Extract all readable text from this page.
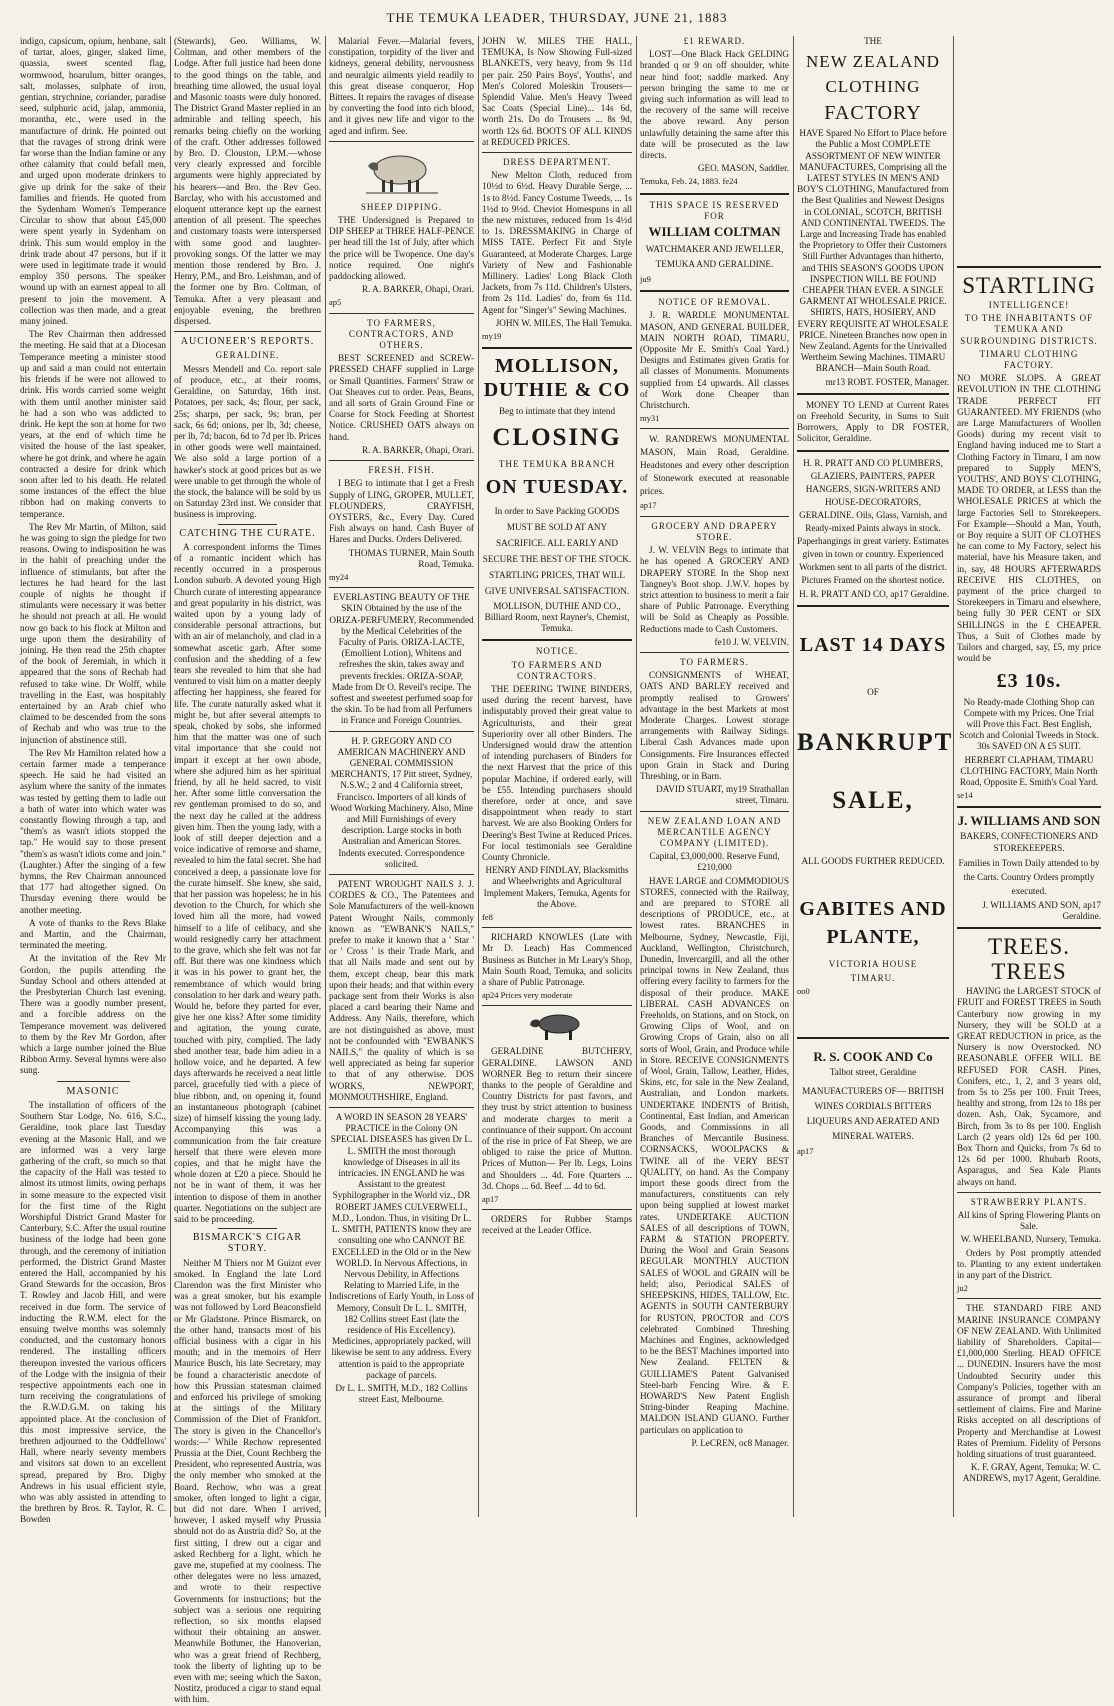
THE TEMUKA LEADER, THURSDAY, JUNE 21, 1883

indigo, capsicum, opium, henbane, salt of tartar, aloes, ginger, slaked lime, quassia, sweet scented flag, wormwood, hoarulum, bitter oranges, salt, molasses, sulphate of iron, gentian, strychnine, coriander, paradise seed, sulphuric acid, jalap, ammonia, morantha, etc., were used in the manufacture of drink. He pointed out that the ravages of strong drink were far worse than the Indian famine or any other calamity that could befall men, and urged upon moderate drinkers to give up drink for the sake of their families and friends. He quoted from the Sydenham Women's Temperance Circular to show that about £45,000 were spent yearly in Sydenham on drink. This sum would employ in the drink trade about 47 persons, but if it were used in legitimate trade it would employ 350 persons. The speaker wound up with an earnest appeal to all present to join the movement. A collection was then made, and a great many joined.

The Rev Chairman then addressed the meeting. He said that at a Diocesan Temperance meeting a minister stood up and said a man could not entertain his friends if he were not allowed to drink. His words carried some weight with them until another minister said he had a son who was addicted to drink. He kept the son at home for two years, at the end of which time he visited the house of the last speaker, where he got drink, and where he again contracted a desire for drink which soon after led to his death. He related some instances of the effect the blue ribbon had on making converts to temperance.

The Rev Mr Martin, of Milton, said he was going to sign the pledge for two reasons. Owing to indisposition he was in the habit of preaching under the influence of stimulants, but after the lectures he had heard for the last couple of nights he thought if stimulants were necessary it was better he should not preach at all. He would now go back to his flock at Milton and urge upon them the desirability of joining. He then read the 25th chapter of the book of Jeremiah, in which it appeared that the sons of Rechab had refused to take wine. Dr Wolff, while travelling in the East, was hospitably entertained by an Arab chief who claimed to be descended from the sons of Rechab and who was true to the injunction of abstinence still.

The Rev Mr Hamilton related how a certain farmer made a temperance speech. He said he had visited an asylum where the sanity of the inmates was tested by getting them to ladle out a bath of water into which water was constantly flowing through a tap, and "them's as wasn't idiots stopped the tap." He would say to those present "them's as wasn't idiots come and join." (Laughter.) After the singing of a few hymns, the Rev Chairman announced that 177 had altogether signed. On Thursday evening there would be another meeting.

A vote of thanks to the Revs Blake and Martin, and the Chairman, terminated the meeting.

At the invitation of the Rev Mr Gordon, the pupils attending the Sunday School and others attended at the Presbyterian Church last evening. There was a goodly number present, and a forcible address on the Temperance movement was delivered to them by the Rev Mr Gordon, after which a large number joined the Blue Ribbon Army. Several hymns were also sung.

MASONIC

The installation of officers of the Southern Star Lodge, No. 616, S.C., Geraldine, took place last Tuesday evening at the Masonic Hall, and we are informed was a very large gathering of the craft, so much so that the capacity of the Hall was tested to almost its utmost limits, owing perhaps in some measure to the expected visit for the first time of the Right Worshipful District Grand Master for Canterbury, S.C. After the usual routine business of the lodge had been gone through, and the ceremony of initiation performed, the District Grand Master entered the Hall, accompanied by his Grand Stewards for the occasion, Bros T. Rowley and Jacob Hill, and were received in due form. The service of inducting the R.W.M. elect for the ensuing twelve months was solemnly conducted, and the customary honors rendered. The installing officers thereupon invested the various officers of the Lodge with the insignia of their respective appointments each one in turn receiving the congratulations of the R.W.D.G.M. on taking his appointed place. At the conclusion of this most impressive service, the brethren adjourned to the Oddfellows' Hall, where nearly seventy members and visitors sat down to an excellent spread, prepared by Bro. Digby Andrews in his usual efficient style, who was ably assisted in attending to the brethren by Bros. R. Taylor, R. C. Bowden

(Stewards), Geo. Williams, W. Coltman, and other members of the Lodge. After full justice had been done to the good things on the table, and breathing time allowed, the usual loyal and Masonic toasts were duly honored. The District Grand Master replied in an admirable and telling speech, his remarks being chiefly on the working of the craft. Other addresses followed by Bro. D. Clouston, I.P.M.—whose very clearly expressed and forcible arguments were highly appreciated by his hearers—and Bro. the Rev Geo. Barclay, who with his accustomed and eloquent utterance kept up the earnest attention of all present. The speeches and customary toasts were interspersed with some good and laughter-provoking songs. Of the latter we may mention those rendered by Bro. J. Henry, P.M., and Bro. Leishman, and of the former one by Bro. Coltman, of Temuka. After a very pleasant and enjoyable evening, the brethren dispersed.

AUCIONEER'S REPORTS.

GERALDINE.

Messrs Mendell and Co. report sale of produce, etc., at their rooms, Geraldine, on Saturday, 16th inst. Potatoes, per sack, 4s; flour, per sack, 25s; sharps, per sack, 9s; bran, per sack, 6s 6d; onions, per lb, 3d; cheese, per lb, 7d; bacon, 6d to 7d per lb. Prices in other goods were well maintained. We also sold a large portion of a hawker's stock at good prices but as we were unable to get through the whole of the stock, the balance will be sold by us on Saturday 23rd inst. We consider that business is improving.

CATCHING THE CURATE.

A correspondent informs the Times of a romantic incident which has recently occurred in a prosperous London suburb. A devoted young High Church curate of interesting appearance and great popularity in his district, was waited upon by a young lady of considerable personal attractions, but with an air of melancholy, and clad in a somewhat ascetic garb. After some confusion and the shedding of a few tears she revealed to him that she had ventured to visit him on a matter deeply affecting her happiness, she feared for life. The curate naturally asked what it might be, but after several attempts to speak, choked by sobs, she informed him that the matter was one of such vital importance that she could not impart it except at her own abode, where she adjured him as her spiritual friend, by all he held sacred, to visit her. After some little conversation the rev gentleman promised to do so, and the next day he called at the address given him. Then the young lady, with a look of still deeper dejection and a voice indicative of remorse and shame, revealed to him the fatal secret. She had conceived a deep, a passionate love for the curate himself. She knew, she said, that her passion was hopeless; he in his devotion to the Church, for which she loved him all the more, had vowed himself to a life of celibacy, and she would resignedly carry her attachment to the grave, which she felt was not far off. But there was one kindness which it was in his power to grant her, the remembrance of which would bring consolation to her dark and weary path. Would he, before they parted for ever, give her one kiss? After some timidity and agitation, the young curate, touched with pity, complied. The lady shed another tear, bade him adieu in a hollow voice, and he departed. A few days afterwards he received a neat little parcel, gracefully tied with a piece of blue ribbon, and, on opening it, found an instantaneous photograph (cabinet size) of himself kissing the young lady. Accompanying this was a communication from the fair creature herself that there were eleven more copies, and that he might have the whole dozen at £20 a piece. Should he not be in want of them, it was her intention to dispose of them in another quarter. Negotiations on the subject are said to be proceeding.

BISMARCK'S CIGAR STORY.

Neither M Thiers nor M Guizot ever smoked. In England the late Lord Clarendon was the first Minister who was a great smoker, but his example was not followed by Lord Beaconsfield or Mr Gladstone. Prince Bismarck, on the other hand, transacts most of his official business with a cigar in his mouth; and in the memoirs of Herr Maurice Busch, his late Secretary, may be found a characteristic anecdote of how this Prussian statesman claimed and enforced his privilege of smoking at the sittings of the Military Commission of the Diet of Frankfort. The story is given in the Chancellor's words:—' While Rechow represented Prussia at the Diet, Count Rechberg the President, who represented Austria, was the only member who smoked at the Board. Rechow, who was a great smoker, often longed to light a cigar, but did not dare. When I arrived, however, I asked myself why Prussia should not do as Austria did? So, at the first sitting, I drew out a cigar and asked Rechberg for a light, which he gave me, stupefied at my coolness. The other delegates were no less amazed, and wrote to their respective Governments for instructions; but the subject was a serious one requiring reflection, so six months elapsed without their obtaining an answer. Meanwhile Bothmer, the Hanoverian, who was a great friend of Rechberg, took the liberty of lighting up to be even with me; seeing which the Saxon, Nostitz, produced a cigar to stand equal with him.

Malarial Fever.—Malarial fevers, constipation, torpidity of the liver and kidneys, general debility, nervousness and neuralgic ailments yield readily to this great disease conqueror, Hop Bitters. It repairs the ravages of disease by converting the food into rich blood, and it gives new life and vigor to the aged and infirm. See.

SHEEP DIPPING.

THE Undersigned is Prepared to DIP SHEEP at THREE HALF-PENCE per head till the 1st of July, after which the price will be Twopence. One day's notice required. One night's paddocking allowed.

R. A. BARKER, Ohapi, Orari.

ap5

TO FARMERS, CONTRACTORS, AND OTHERS.

BEST SCREENED and SCREW-PRESSED CHAFF supplied in Large or Small Quantities. Farmers' Straw or Oat Sheaves cut to order. Peas, Beans, and all sorts of Grain Ground Fine or Coarse for Stock Feeding at Shortest Notice. CRUSHED OATS always on hand.

R. A. BARKER, Ohapi, Orari.

FRESH. FISH.

I BEG to intimate that I get a Fresh Supply of LING, GROPER, MULLET, FLOUNDERS, CRAYFISH, OYSTERS, &c., Every Day. Cured Fish always on hand. Cash Buyer of Hares and Ducks. Orders Delivered.

THOMAS TURNER, Main South Road, Temuka.

my24

EVERLASTING BEAUTY OF THE SKIN Obtained by the use of the ORIZA-PERFUMERY, Recommended by the Medical Celebrities of the Faculty of Paris. ORIZA-LACTE, (Emollient Lotion), Whitens and refreshes the skin, takes away and prevents freckles. ORIZA-SOAP, Made from Dr O. Reveil's recipe. The softest and sweetest perfumed soap for the skin. To be had from all Perfumers in France and Foreign Countries.

H. P. GREGORY AND CO AMERICAN MACHINERY AND GENERAL COMMISSION MERCHANTS, 17 Pitt street, Sydney, N.S.W.; 2 and 4 California street, Francisco. Importers of all kinds of Wood Working Machinery. Also, Mine and Mill Furnishings of every description. Large stocks in both Australian and American Stores. Indents executed. Correspondence solicited.

PATENT WROUGHT NAILS J. J. CORDES & CO., The Patentees and Sole Manufacturers of the well-known Patent Wrought Nails, commonly known as "EWBANK'S NAILS," prefer to make it known that a ' Star ' or ' Cross ' is their Trade Mark, and that all Nails made and sent out by them, except cheap, bear this mark upon their heads; and that within every package sent from their Works is also placed a card bearing their Name and Address. Any Nails, therefore, which are not distinguished as above, must not be confounded with "EWBANK'S NAILS," the quality of which is so well appreciated as being far superior to that of any otherwise. DOS WORKS, NEWPORT, MONMOUTHSHIRE, England.

A WORD IN SEASON 28 YEARS' PRACTICE in the Colony ON SPECIAL DISEASES has given Dr L. L. SMITH the most thorough knowledge of Diseases in all its intricacies. IN ENGLAND he was Assistant to the greatest Syphilographer in the World viz., DR ROBERT JAMES CULVERWELL, M.D., London. Thus, in visiting Dr L. L. SMITH, PATIENTS know they are consulting one who CANNOT BE EXCELLED in the Old or in the New WORLD. In Nervous Affections, in Nervous Debility, in Affections Relating to Married Life, in the Indiscretions of Early Youth, in Loss of Memory, Consult Dr L. L. SMITH, 182 Collins street East (late the residence of His Excellency). Medicines, appropriately packed, will likewise be sent to any address. Every attention is paid to the appropriate package of parcels.

Dr L. L. SMITH, M.D., 182 Collins street East, Melbourne.

JOHN W. MILES THE HALL, TEMUKA, Is Now Showing Full-sized BLANKETS, very heavy, from 9s 11d per pair. 250 Pairs Boys', Youths', and Men's Colored Moleskin Trousers—Splendid Value. Men's Heavy Tweed Sac Coats (Special Line)... 14s 6d, worth 21s. Do do Trousers ... 8s 9d, worth 12s 6d. BOOTS OF ALL KINDS at REDUCED PRICES.

DRESS DEPARTMENT.

New Melton Cloth, reduced from 10½d to 6½d. Heavy Durable Serge, ... 1s to 8½d. Fancy Costume Tweeds, ... 1s 1½d to 9½d. Cheviot Homespuns in all the new mixtures, reduced from 1s 4½d to 1s. DRESSMAKING in Charge of MISS TATE. Perfect Fit and Style Guaranteed, at Moderate Charges. Large Variety of New and Fashionable Millinery. Ladies' Long Black Cloth Jackets, from 7s 11d. Children's Ulsters, from 2s 11d. Ladies' do, from 6s 11d. Agent for "Singer's" Sewing Machines.

JOHN W. MILES, The Hall Temuka.

my19

MOLLISON, DUTHIE & CO

Beg to intimate that they intend

CLOSING

THE TEMUKA BRANCH

ON TUESDAY.

In order to Save Packing GOODS MUST BE SOLD AT ANY SACRIFICE. ALL EARLY AND SECURE THE BEST OF THE STOCK. STARTLING PRICES, THAT WILL GIVE UNIVERSAL SATISFACTION.

MOLLISON, DUTHIE AND CO., Billiard Room, next Rayner's, Chemist, Temuka.

NOTICE.

TO FARMERS AND CONTRACTORS.

THE DEERING TWINE BINDERS, used during the recent harvest, have indisputably proved their great value to Agriculturists, and their great Superiority over all other Binders. The Undersigned would draw the attention of intending purchasers of Binders for the next Harvest that the price of this popular Machine, if ordered early, will be £55. Intending purchasers should therefore, order at once, and save disappointment when ready to start harvest. We are also Booking Orders for Deering's Best Twine at Reduced Prices. For local testimonials see Geraldine County Chronicle.

HENRY AND FINDLAY, Blacksmiths and Wheelwrights and Agricultural Implement Makers, Temuka, Agents for the Above.

fe8

RICHARD KNOWLES (Late with Mr D. Leach) Has Commenced Business as Butcher in Mr Leary's Shop, Main South Road, Temuka, and solicits a share of Public Patronage.

ap24 Prices very moderate

GERALDINE BUTCHERY, GERALDINE. LAWSON AND WORNER Beg to return their sincere thanks to the people of Geraldine and Country Districts for past favors, and they trust by strict attention to business and moderate charges to merit a continuance of their support. On account of the rise in price of Fat Sheep, we are obliged to raise the price of Mutton. Prices of Mutton— Per lb. Legs, Loins and Shoulders ... 4d. Fore Quarters ... 3d. Chops ... 6d. Beef ... 4d to 6d.

ap17

ORDERS for Rubber Stamps received at the Leader Office.

£1 REWARD.

LOST—One Black Hack GELDING branded q or 9 on off shoulder, white near hind foot; saddle marked. Any person bringing the same to me or giving such information as will lead to the recovery of the same will receive the above reward. Any person unlawfully detaining the same after this date will be prosecuted as the law directs.

GEO. MASON, Saddler.

Temuka, Feb. 24, 1883. fe24

THIS SPACE IS RESERVED FOR

WILLIAM COLTMAN

WATCHMAKER AND JEWELLER, TEMUKA AND GERALDINE.

ju9

NOTICE OF REMOVAL.

J. R. WARDLE MONUMENTAL MASON, AND GENERAL BUILDER, MAIN NORTH ROAD, TIMARU, (Opposite Mr E. Smith's Coal Yard.) Designs and Estimates given Gratis for all classes of Monuments. Monuments supplied from £4 upwards. All classes of Work done Cheaper than Christchurch.

my31

W. RANDREWS MONUMENTAL MASON, Main Road, Geraldine. Headstones and every other description of Stonework executed at reasonable prices.

ap17

GROCERY AND DRAPERY STORE.

J. W. VELVIN Begs to intimate that he has opened A GROCERY AND DRAPERY STORE In the Shop next Tangney's Boot shop. J.W.V. hopes by strict attention to business to merit a fair share of Public Patronage. Everything will be Sold as Cheaply as Possible. Reductions made to Cash Customers.

fe10 J. W. VELVIN.

TO FARMERS.

CONSIGNMENTS of WHEAT, OATS AND BARLEY received and promptly realised to Growers' advantage in the best Markets at most Moderate Charges. Lowest storage arrangements with Railway Sidings. Liberal Cash Advances made upon Consignments. Fire Insurances effected upon Grain in Stack and During Threshing, or in Barn.

DAVID STUART, my19 Strathallan street, Timaru.

NEW ZEALAND LOAN AND MERCANTILE AGENCY COMPANY (LIMITED).

Capital, £3,000,000. Reserve Fund, £210,000

HAVE LARGE and COMMODIOUS STORES, connected with the Railway, and are prepared to STORE all descriptions of PRODUCE, etc., at lowest rates. BRANCHES in Melbourne, Sydney, Newcastle, Fiji, Auckland, Wellington, Christchurch, Dunedin, Invercargill, and all the other principal towns in New Zealand, thus offering every facility to farmers for the disposal of their produce. MAKE LIBERAL CASH ADVANCES on Freeholds, on Stations, and on Stock, on Growing Clips of Wool, and on Growing Crops of Grain, also on all sorts of Wool, Grain, and Produce while in Store. RECEIVE CONSIGNMENTS of Wool, Grain, Tallow, Leather, Hides, Skins, etc, for sale in the New Zealand, Australian, and London markets. UNDERTAKE INDENTS of British, Continental, East Indian, and American Goods, and Commissions in all Branches of Mercantile Business. CORNSACKS, WOOLPACKS & TWINE all of the VERY BEST QUALITY, on hand. As the Company import these goods direct from the manufacturers, constituents can rely upon being supplied at lowest market rates. UNDERTAKE AUCTION SALES of all descriptions of TOWN, FARM & STATION PROPERTY. During the Wool and Grain Seasons REGULAR MONTHLY AUCTION SALES of WOOL and GRAIN will be held; also, Periodical SALES of SHEEPSKINS, HIDES, TALLOW, Etc. AGENTS in SOUTH CANTERBURY for RUSTON, PROCTOR and CO'S celebrated Combined Threshing Machines and Engines, acknowledged to be the BEST Machines imported into New Zealand. FELTEN & GUILLIAME'S Patent Galvanised Steel-barb Fencing Wire. & F. HOWARD'S New Patent English String-binder Reaping Machine. MALDON ISLAND GUANO. Further particulars on application to

P. LeCREN, oc8 Manager.

THE

NEW ZEALAND CLOTHING

FACTORY

HAVE Spared No Effort to Place before the Public a Most COMPLETE ASSORTMENT OF NEW WINTER MANUFACTURES, Comprising all the LATEST STYLES IN MEN'S AND BOY'S CLOTHING, Manufactured from the Best Qualities and Newest Designs in COLONIAL, SCOTCH, BRITISH AND CONTINENTAL TWEEDS. The Large and Increasing Trade has enabled the Proprietory to Offer their Customers Still Further Advantages than hitherto, and THIS SEASON'S GOODS UPON INSPECTION WILL BE FOUND CHEAPER THAN EVER. A SINGLE GARMENT AT WHOLESALE PRICE. SHIRTS, HATS, HOSIERY, AND EVERY REQUISITE AT WHOLESALE PRICE. Nineteen Branches now open in New Zealand. Agents for the Unrivalled Wertheim Sewing Machines. TIMARU BRANCH—Main South Road.

mr13 ROBT. FOSTER, Manager.

MONEY TO LEND at Current Rates on Freehold Security, in Sums to Suit Borrowers, Apply to DR FOSTER, Solicitor, Geraldine.

H. R. PRATT AND CO PLUMBERS, GLAZIERS, PAINTERS, PAPER HANGERS, SIGN-WRITERS AND HOUSE-DECORATORS, GERALDINE. Oils, Glass, Varnish, and Ready-mixed Paints always in stock. Paperhangings in great variety. Estimates given in town or country. Experienced Workmen sent to all parts of the district. Pictures Framed on the shortest notice.

H. R. PRATT AND CO, ap17 Geraldine.

LAST 14 DAYS

OF

BANKRUPT

SALE,

ALL GOODS FURTHER REDUCED.

GABITES AND

PLANTE,

VICTORIA HOUSE

TIMARU.

oo0

R. S. COOK AND Co

Talbot street, Geraldine

MANUFACTURERS OF— BRITISH WINES CORDIALS BITTERS LIQUEURS AND AERATED AND MINERAL WATERS.

ap17

STARTLING

INTELLIGENCE!

TO THE INHABITANTS OF TEMUKA AND SURROUNDING DISTRICTS.

TIMARU CLOTHING FACTORY.

NO MORE SLOPS. A GREAT REVOLUTION IN THE CLOTHING TRADE PERFECT FIT GUARANTEED. MY FRIENDS (who are Large Manufacturers of Woollen Goods) during my recent visit to England having induced me to Start a Clothing Factory in Timaru, I am now prepared to Supply MEN'S, YOUTHS', AND BOYS' CLOTHING, MADE TO ORDER, at LESS than the WHOLESALE PRICES at which the large Factories Sell to Storekeepers. For Example—Should a Man, Youth, or Boy require a SUIT OF CLOTHES he can come to My Factory, select his material, have his Measure taken, and in, say, 48 HOURS AFTERWARDS RECEIVE HIS CLOTHES, on payment of the price charged to Storekeepers in Timaru and elsewhere, being fully 30 PER CENT or SIX SHILLINGS in the £ CHEAPER. Thus, a Suit of Clothes made by Tailors and charged, say, £5, my price would be

£3 10s.

No Ready-made Clothing Shop can Compete with my Prices. One Trial will Prove this Fact. Best English, Scotch and Colonial Tweeds in Stock. 30s SAVED ON A £5 SUIT.

HERBERT CLAPHAM, TIMARU CLOTHING FACTORY, Main North Road, Opposite E. Smith's Coal Yard.

se14

J. WILLIAMS AND SON

BAKERS, CONFECTIONERS AND STOREKEEPERS.

Families in Town Daily attended to by the Carts. Country Orders promptly executed.

J. WILLIAMS AND SON, ap17 Geraldine.

TREES. TREES

HAVING the LARGEST STOCK of FRUIT and FOREST TREES in South Canterbury now growing in my Nursery, they will be SOLD at a GREAT REDUCTION in price, as the Nursery is now Overstocked. NO REASONABLE OFFER WILL BE REFUSED FOR CASH. Pines, Conifers, etc., 1, 2, and 3 years old, from 5s to 25s per 100. Fruit Trees, healthy and strong, from 12s to 18s per dozen. Ash, Oak, Sycamore, and Birch, from 3s to 8s per 100. English Larch (2 years old) 12s 6d per 100. Box Thorn and Quicks, from 7s 6d to 12s 6d per 1000. Rhubarb Roots, Asparagus, and Sea Kale Plants always on hand.

STRAWBERRY PLANTS.

All kins of Spring Flowering Plants on Sale.

W. WHEELBAND, Nursery, Temuka.

Orders by Post promptly attended to. Planting to any extent undertaken in any part of the District.

ju2

THE STANDARD FIRE AND MARINE INSURANCE COMPANY OF NEW ZEALAND. With Unlimited liability of Shareholders. Capital—£1,000,000 Sterling. HEAD OFFICE ... DUNEDIN. Insurers have the most Undoubted Security under this Company's Policies, together with an assurance of prompt and liberal settlement of claims. Fire and Marine Risks accepted on all descriptions of Property and Merchandise at Lowest Rates of Premium. Fidelity of Persons holding situations of trust guaranteed.

K. F. GRAY, Agent, Temuka; W. C. ANDREWS, my17 Agent, Geraldine.
